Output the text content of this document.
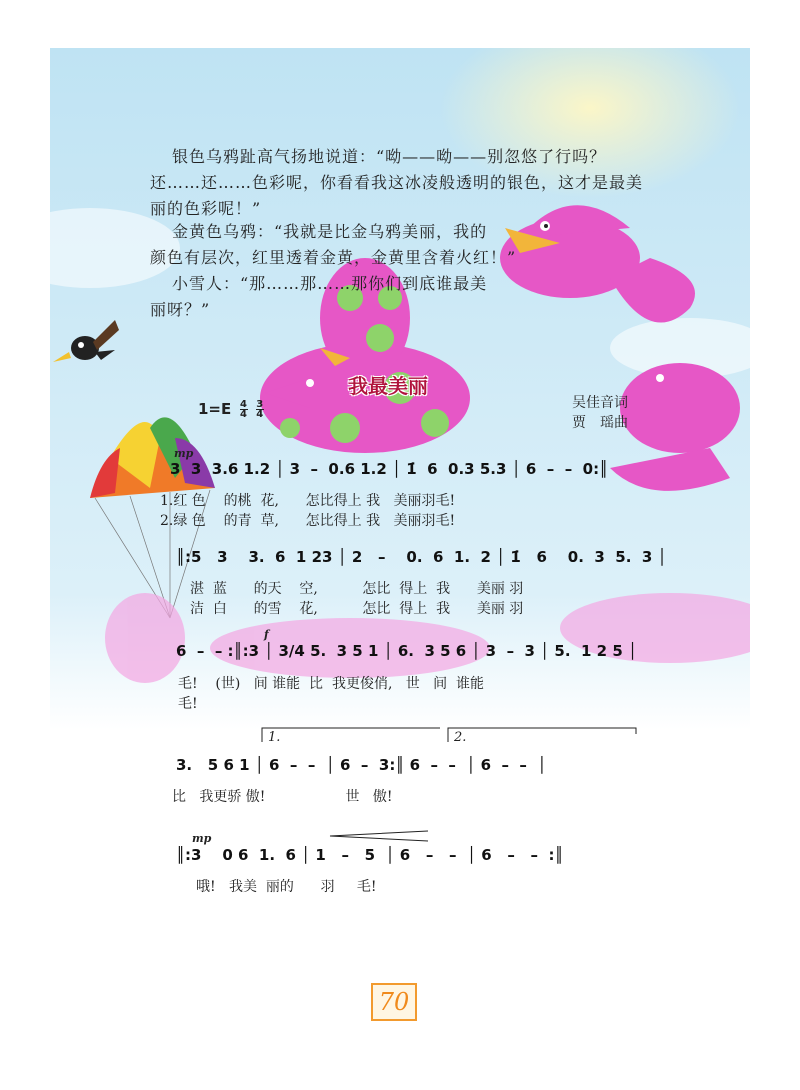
银色乌鸦趾高气扬地说道：“呦——呦——别忽悠了行吗？
还……还……色彩呢，你看看我这冰凌般透明的银色，这才是最美
丽的色彩呢！”
金黄色乌鸦：“我就是比金乌鸦美丽，我的
颜色有层次，红里透着金黄，金黄里含着火红！”
小雪人：“那……那……那你们到底谁最美
丽呀？”
我最美丽
$1=E \frac{4}{4}$
$\frac{3}{4}$	吴佳音词
贾　瑶曲
mp
3  3  3.6 1.2 │ 3  –  0.6 1.2 │ 1̇  6  0.3 5.3 │ 6  –  –  0:║
1.红 色    的桃  花,      怎比得上 我   美丽羽毛!
2.绿 色    的青  草,      怎比得上 我   美丽羽毛!
║:5   3    3.  6  1 23 │ 2   –    0.  6  1.  2 │ 1̇   6    0.  3  5.  3 │
湛  蓝      的天    空,          怎比  得上  我      美丽 羽
洁  白      的雪    花,          怎比  得上  我      美丽 羽
f
6  –  – :║:3 │ 3/4 5.  3 5 1 │ 6.  3 5 6 │ 3  –  3 │ 5.  1 2 5 │
毛!    (世)   间 谁能  比  我更俊俏,   世   间  谁能
毛!
1.	2.
3.   5 6 1 │ 6  –  –  │ 6  –  3:║ 6  –  –  │ 6  –  –  │
比   我更骄 傲!                  世   傲!
mp
║:3    0 6  1.  6 │ 1   –   5  │ 6   –   –  │ 6   –   –  :║
哦!   我美  丽的      羽     毛!
70
